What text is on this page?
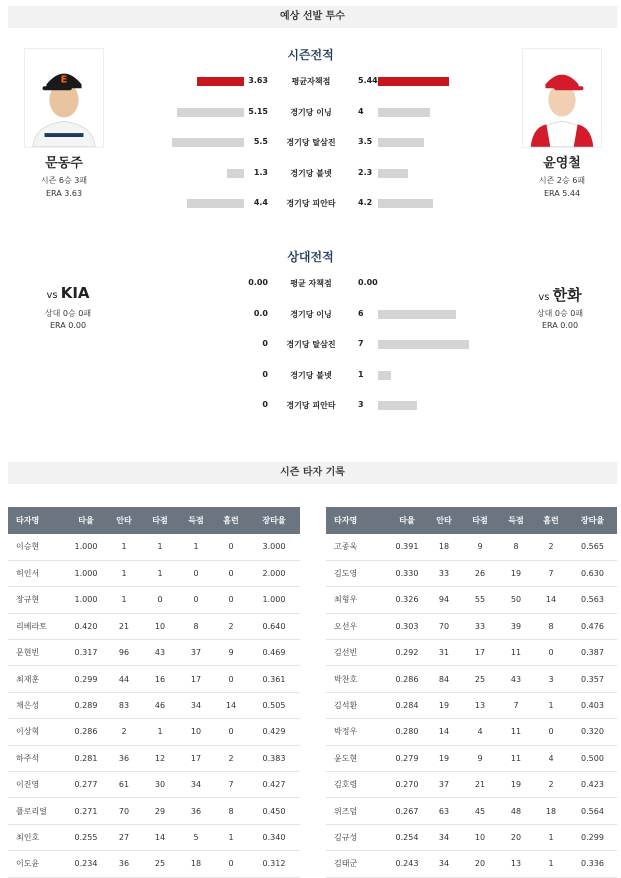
예상 선발 투수
시즌전적
E
문동주
시즌 6승 3패
ERA 3.63
윤영철
시즌 2승 6패
ERA 5.44
3.63	평균자책점	5.44
5.15	경기당 이닝	4
5.5	경기당 탈삼진	3.5
1.3	경기당 볼넷	2.3
4.4	경기당 피안타	4.2
상대전적
vs KIA
상대 0승 0패
ERA 0.00
vs 한화
상대 0승 0패
ERA 0.00
0.00	평균 자책점	0.00
0.0	경기당 이닝	6
0	경기당 탈삼진	7
0	경기당 볼넷	1
0	경기당 피안타	3
시즌 타자 기록
타자명	타율	안타	타점	득점	홈런	장타율
이승현	1.000	1	1	1	0	3.000
허인서	1.000	1	1	0	0	2.000
장규현	1.000	1	0	0	0	1.000
리베라토	0.420	21	10	8	2	0.640
문현빈	0.317	96	43	37	9	0.469
최재훈	0.299	44	16	17	0	0.361
채은성	0.289	83	46	34	14	0.505
이상혁	0.286	2	1	10	0	0.429
하주석	0.281	36	12	17	2	0.383
이진영	0.277	61	30	34	7	0.427
플로리얼	0.271	70	29	36	8	0.450
최인호	0.255	27	14	5	1	0.340
이도윤	0.234	36	25	18	0	0.312
타자명	타율	안타	타점	득점	홈런	장타율
고종욱	0.391	18	9	8	2	0.565
김도영	0.330	33	26	19	7	0.630
최형우	0.326	94	55	50	14	0.563
오선우	0.303	70	33	39	8	0.476
김선빈	0.292	31	17	11	0	0.387
박찬호	0.286	84	25	43	3	0.357
김석환	0.284	19	13	7	1	0.403
박정우	0.280	14	4	11	0	0.320
윤도현	0.279	19	9	11	4	0.500
김호령	0.270	37	21	19	2	0.423
위즈덤	0.267	63	45	48	18	0.564
김규성	0.254	34	10	20	1	0.299
김태군	0.243	34	20	13	1	0.336
